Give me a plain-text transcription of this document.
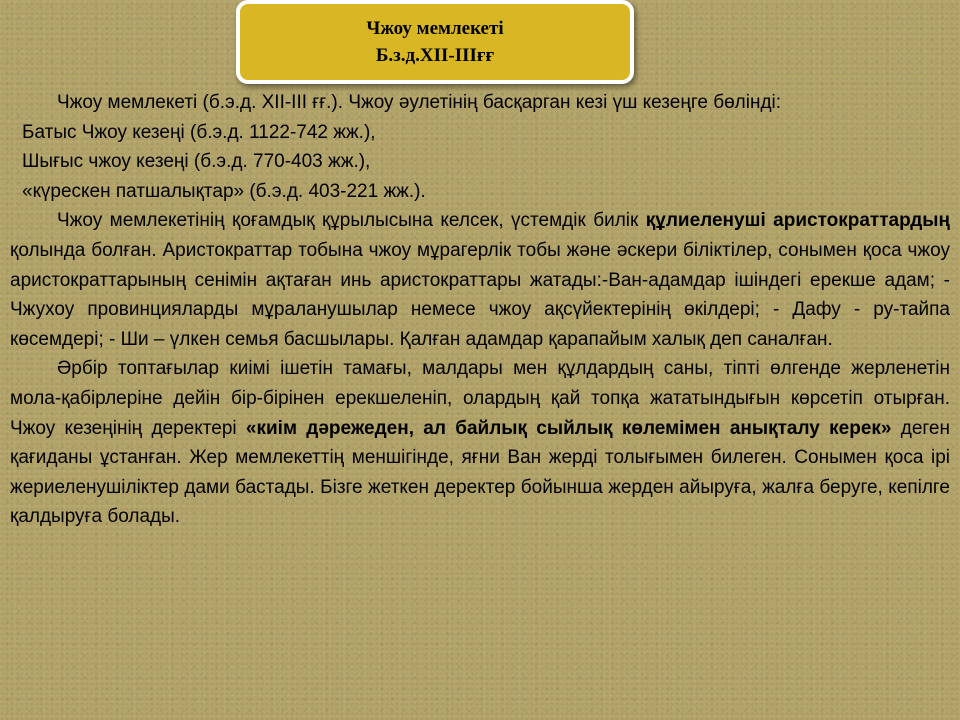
Чжоу мемлекеті
Б.з.д.XII-IIIғғ

Чжоу мемлекеті (б.э.д. XII-III ғғ.). Чжоу әулетінің басқарган кезі үш кезеңге бөлінді:

Батыс Чжоу кезеңі (б.э.д. 1122-742 жж.),

Шығыс чжоу кезеңі (б.э.д. 770-403 жж.),

«күрескен патшалықтар» (б.э.д. 403-221 жж.).

Чжоу мемлекетінің қоғамдық құрылысына келсек, үстемдік билік құлиеленуші аристократтардың қолында болған. Аристократтар тобына чжоу мұрагерлік тобы және әскери біліктілер, сонымен қоса чжоу аристократтарының сенімін ақтаған инь аристократтары жатады:-Ван-адамдар ішіндегі ерекше адам; - Чжухоу провинцияларды мұраланушылар немесе чжоу ақсүйектерінің өкілдері; - Дафу - ру-тайпа көсемдері; - Ши – үлкен семья басшылары. Қалған адамдар қарапайым халық деп саналған.

Әрбір топтағылар киімі ішетін тамағы, малдары мен құлдардың саны, тіпті өлгенде жерленетін мола-қабірлеріне дейін бір-бірінен ерекшеленіп, олардың қай топқа жататындығын көрсетіп отырған. Чжоу кезеңінің деректері «киім дәрежеден, ал байлық сыйлық көлемімен анықталу керек» деген қағиданы ұстанған. Жер мемлекеттің меншігінде, яғни Ван жерді толығымен билеген. Сонымен қоса ірі жериеленушіліктер дами бастады. Бізге жеткен деректер бойынша жерден айыруға, жалға беруге, кепілге қалдыруға болады.
